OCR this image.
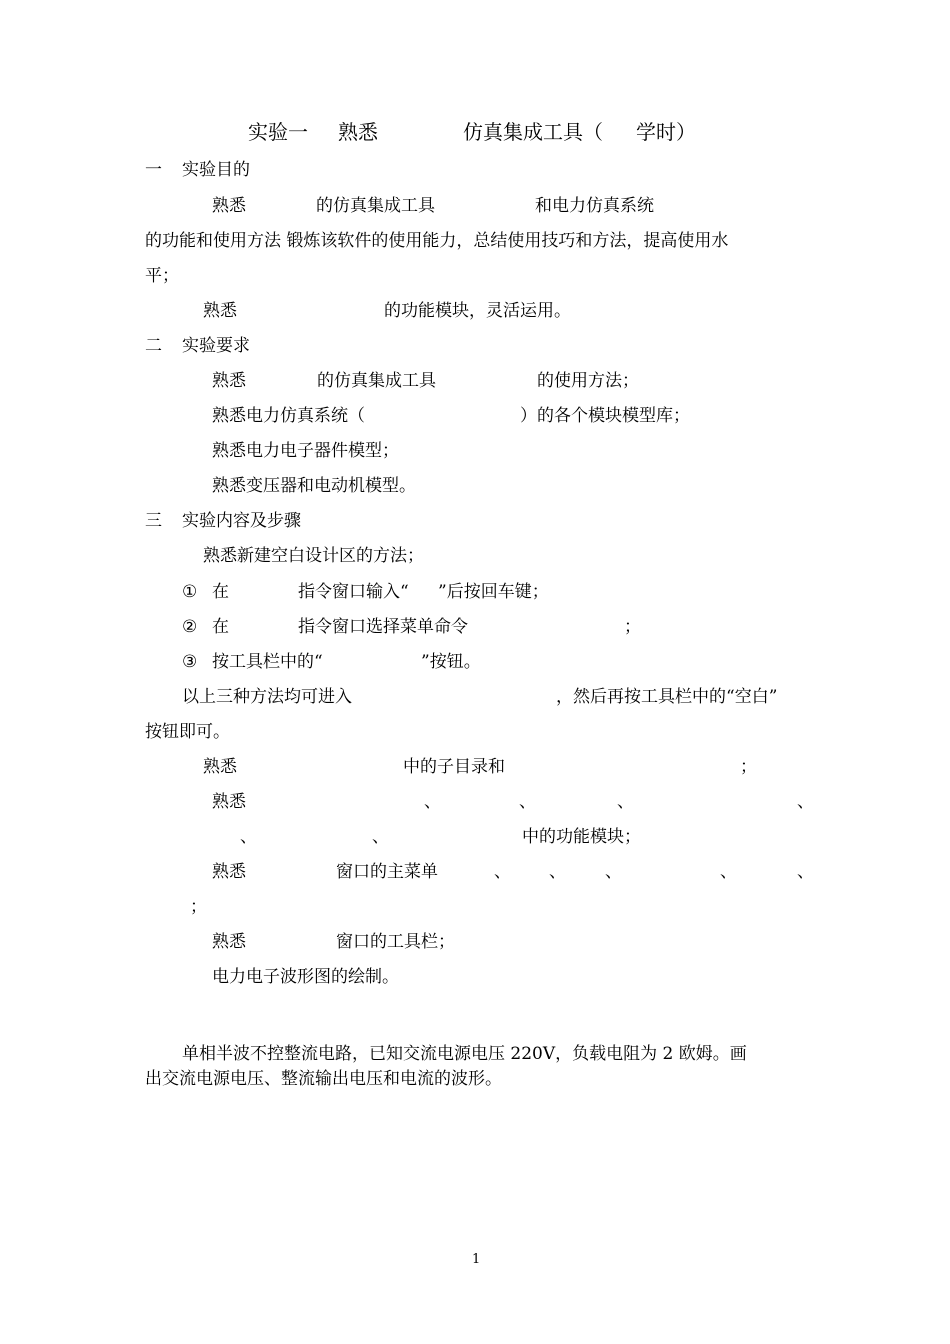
实验一 熟悉	仿真集成工具（ 学时）
一 实验目的
熟悉	的仿真集成工具	和电力仿真系统
的功能和使用方法 锻炼该软件的使用能力，总结使用技巧和方法，提高使用水
平；
熟悉	的功能模块，灵活运用。
二 实验要求
熟悉	的仿真集成工具	的使用方法；
熟悉电力仿真系统（	）的各个模块模型库；
熟悉电力电子器件模型；
熟悉变压器和电动机模型。
三 实验内容及步骤
熟悉新建空白设计区的方法；
① 在	指令窗口输入“ ”后按回车键；
② 在	指令窗口选择菜单命令	；
③ 按工具栏中的“	”按钮。
以上三种方法均可进入	，然后再按工具栏中的“空白”
按钮即可。
熟悉	中的子目录和	；
熟悉	、	、	、	、
、	、	中的功能模块；
熟悉	窗口的主菜单	、 、 、	、	、
；
熟悉	窗口的工具栏；
电力电子波形图的绘制。
单相半波不控整流电路，已知交流电源电压 220V，负载电阻为 2 欧姆。画
出交流电源电压、整流输出电压和电流的波形。
1
